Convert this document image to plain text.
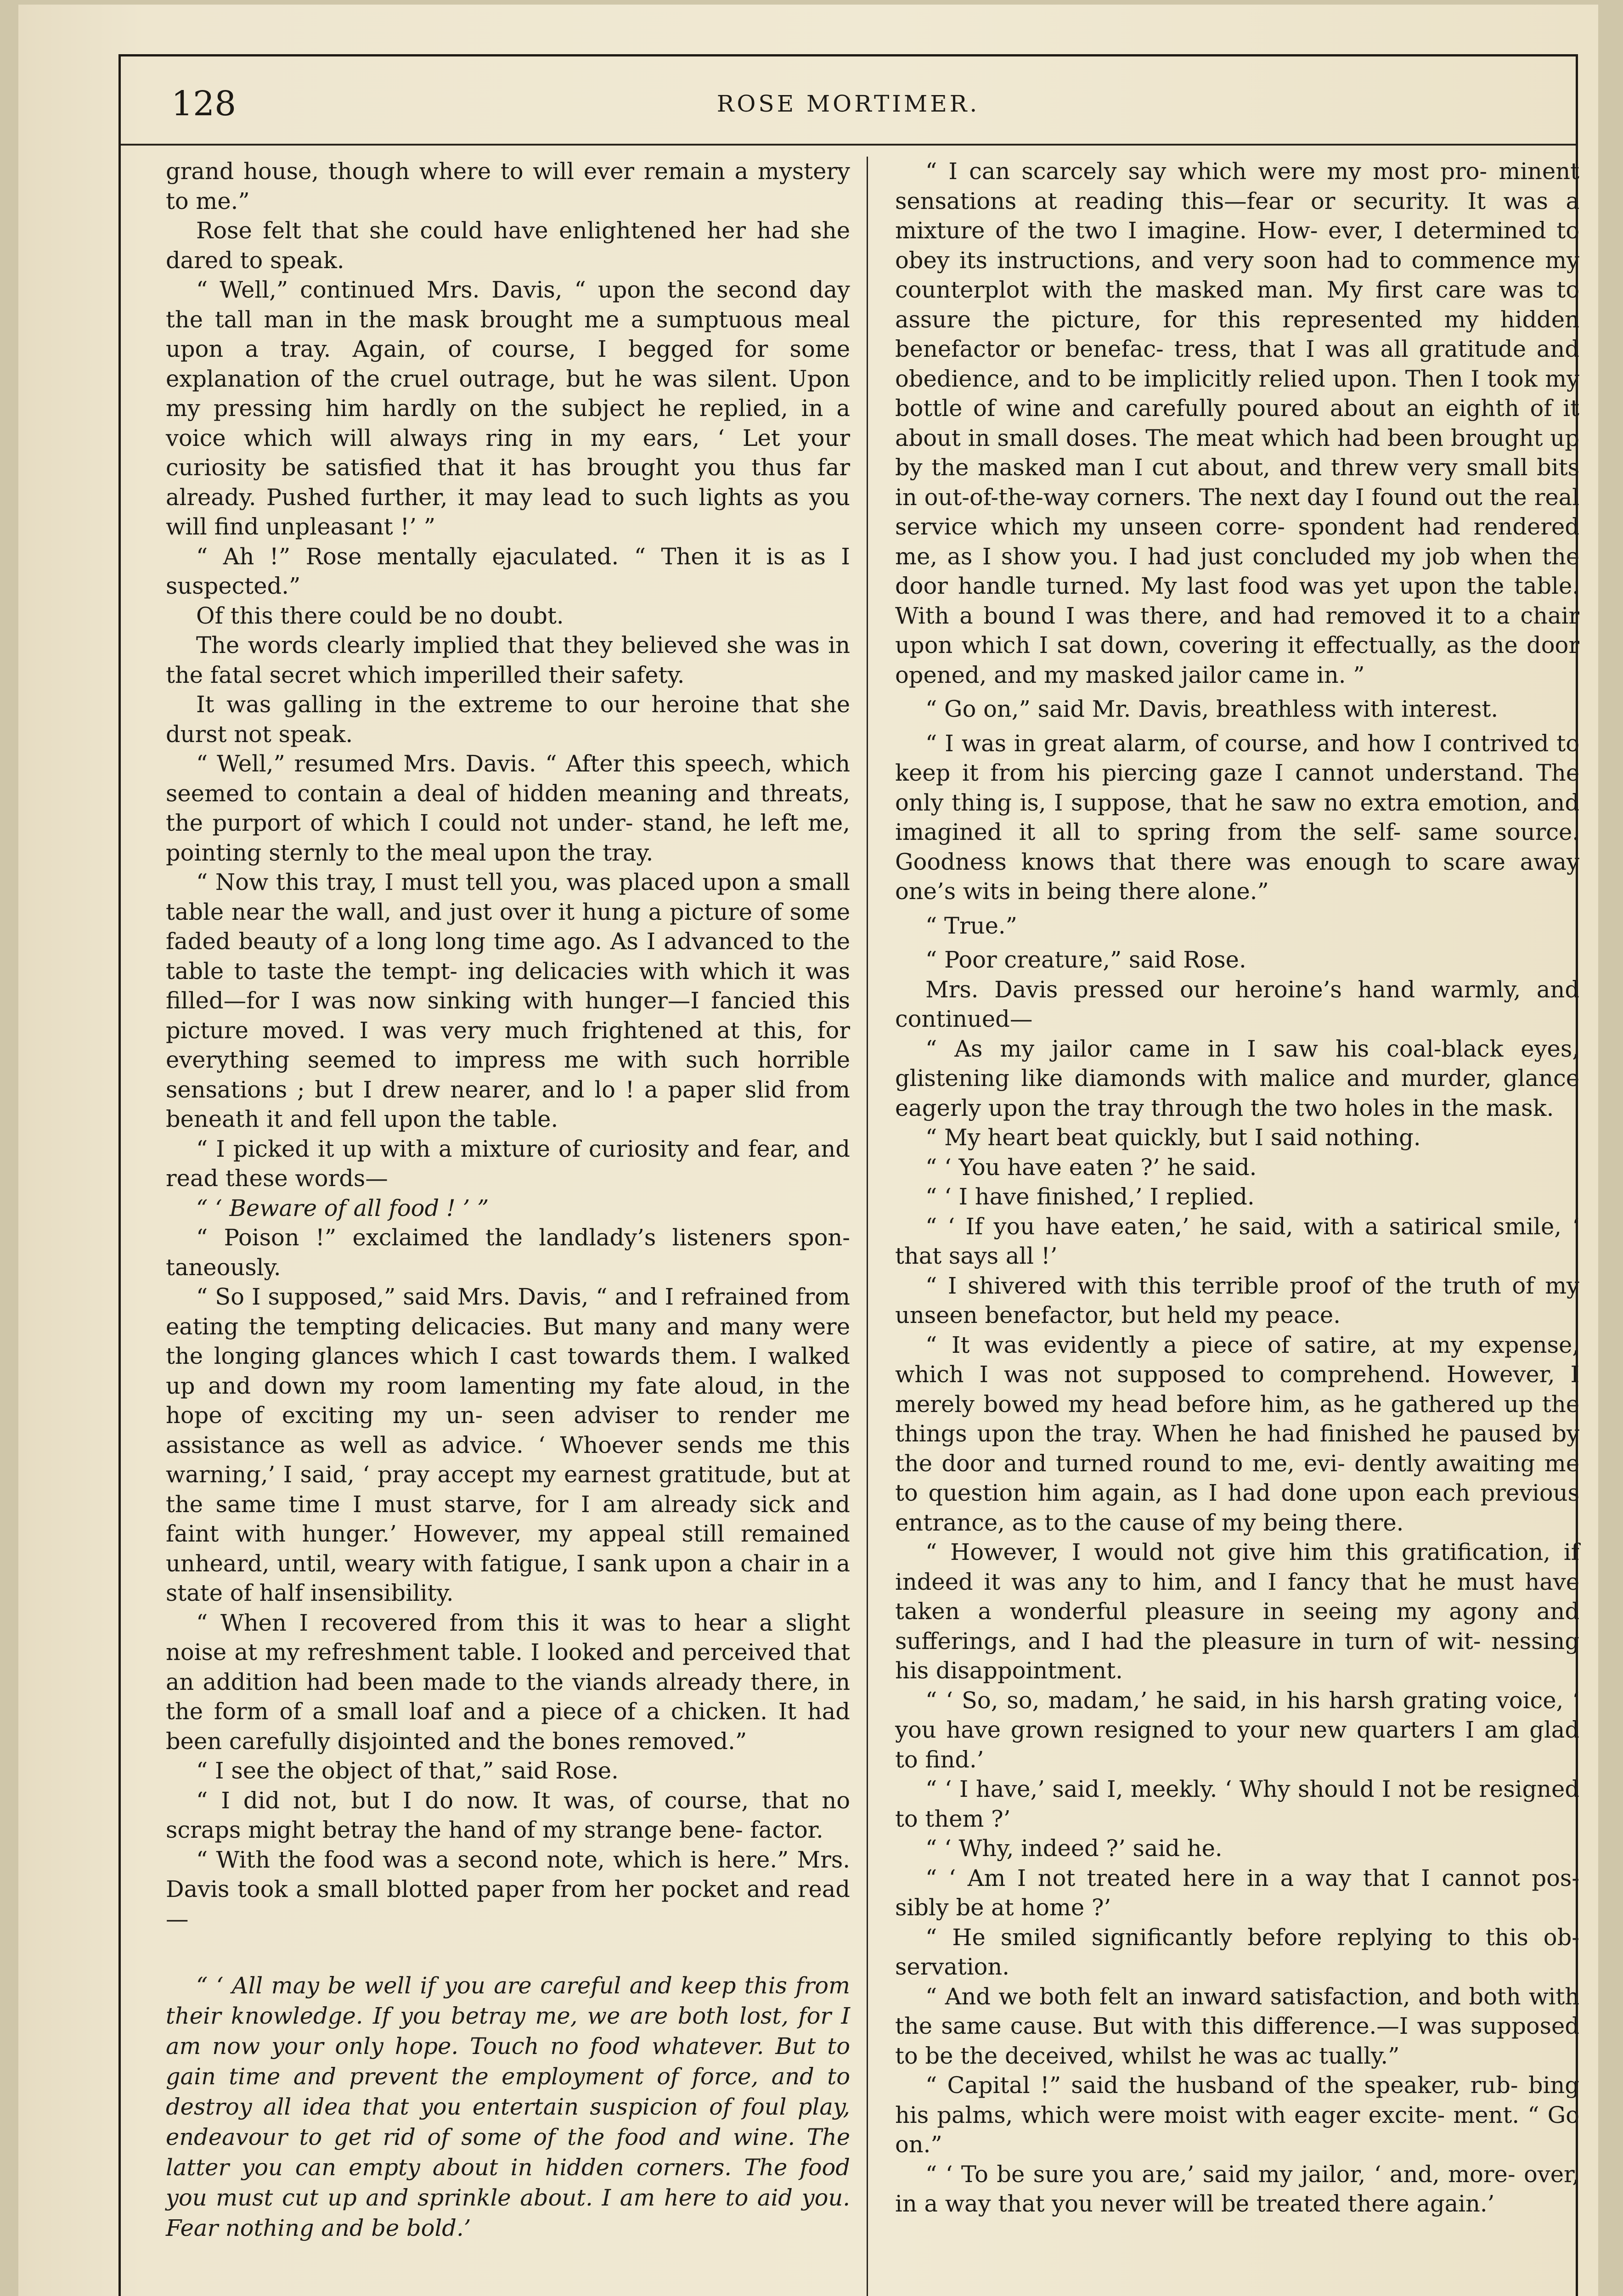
128	ROSE MORTIMER.

grand house, though where to will ever remain a mystery to me.”

Rose felt that she could have enlightened her had she dared to speak.

“ Well,” continued Mrs. Davis, “ upon the second day the tall man in the mask brought me a sumptuous meal upon a tray. Again, of course, I begged for some explanation of the cruel outrage, but he was silent. Upon my pressing him hardly on the subject he replied, in a voice which will always ring in my ears, ‘ Let your curiosity be satisfied that it has brought you thus far already. Pushed further, it may lead to such lights as you will find unpleasant !’ ”

“ Ah !” Rose mentally ejaculated. “ Then it is as I suspected.”

Of this there could be no doubt.

The words clearly implied that they believed she was in the fatal secret which imperilled their safety.

It was galling in the extreme to our heroine that she durst not speak.

“ Well,” resumed Mrs. Davis. “ After this speech, which seemed to contain a deal of hidden meaning and threats, the purport of which I could not under- stand, he left me, pointing sternly to the meal upon the tray.

“ Now this tray, I must tell you, was placed upon a small table near the wall, and just over it hung a picture of some faded beauty of a long long time ago. As I advanced to the table to taste the tempt- ing delicacies with which it was filled—for I was now sinking with hunger—I fancied this picture moved. I was very much frightened at this, for everything seemed to impress me with such horrible sensations ; but I drew nearer, and lo ! a paper slid from beneath it and fell upon the table.

“ I picked it up with a mixture of curiosity and fear, and read these words—

“ ‘ Beware of all food ! ’ ”

“ Poison !” exclaimed the landlady’s listeners spon- taneously.

“ So I supposed,” said Mrs. Davis, “ and I refrained from eating the tempting delicacies. But many and many were the longing glances which I cast towards them. I walked up and down my room lamenting my fate aloud, in the hope of exciting my un- seen adviser to render me assistance as well as advice. ‘ Whoever sends me this warning,’ I said, ‘ pray accept my earnest gratitude, but at the same time I must starve, for I am already sick and faint with hunger.’ However, my appeal still remained unheard, until, weary with fatigue, I sank upon a chair in a state of half insensibility.

“ When I recovered from this it was to hear a slight noise at my refreshment table. I looked and perceived that an addition had been made to the viands already there, in the form of a small loaf and a piece of a chicken. It had been carefully disjointed and the bones removed.”

“ I see the object of that,” said Rose.

“ I did not, but I do now. It was, of course, that no scraps might betray the hand of my strange bene- factor.

“ With the food was a second note, which is here.” Mrs. Davis took a small blotted paper from her pocket and read—

“ ‘ All may be well if you are careful and keep this from their knowledge. If you betray me, we are both lost, for I am now your only hope. Touch no food whatever. But to gain time and prevent the employment of force, and to destroy all idea that you entertain suspicion of foul play, endeavour to get rid of some of the food and wine. The latter you can empty about in hidden corners. The food you must cut up and sprinkle about. I am here to aid you. Fear nothing and be bold.’

“ I can scarcely say which were my most pro- minent sensations at reading this—fear or security. It was a mixture of the two I imagine. How- ever, I determined to obey its instructions, and very soon had to commence my counterplot with the masked man. My first care was to assure the picture, for this represented my hidden benefactor or benefac- tress, that I was all gratitude and obedience, and to be implicitly relied upon. Then I took my bottle of wine and carefully poured about an eighth of it about in small doses. The meat which had been brought up by the masked man I cut about, and threw very small bits in out-of-the-way corners. The next day I found out the real service which my unseen corre- spondent had rendered me, as I show you. I had just concluded my job when the door handle turned. My last food was yet upon the table. With a bound I was there, and had removed it to a chair upon which I sat down, covering it effectually, as the door opened, and my masked jailor came in. ”

“ Go on,” said Mr. Davis, breathless with interest.

“ I was in great alarm, of course, and how I contrived to keep it from his piercing gaze I cannot understand. The only thing is, I suppose, that he saw no extra emotion, and imagined it all to spring from the self- same source. Goodness knows that there was enough to scare away one’s wits in being there alone.”

“ True.”

“ Poor creature,” said Rose.

Mrs. Davis pressed our heroine’s hand warmly, and continued—

“ As my jailor came in I saw his coal-black eyes, glistening like diamonds with malice and murder, glance eagerly upon the tray through the two holes in the mask.

“ My heart beat quickly, but I said nothing.

“ ‘ You have eaten ?’ he said.

“ ‘ I have finished,’ I replied.

“ ‘ If you have eaten,’ he said, with a satirical smile, ‘ that says all !’

“ I shivered with this terrible proof of the truth of my unseen benefactor, but held my peace.

“ It was evidently a piece of satire, at my expense, which I was not supposed to comprehend. However, I merely bowed my head before him, as he gathered up the things upon the tray. When he had finished he paused by the door and turned round to me, evi- dently awaiting me to question him again, as I had done upon each previous entrance, as to the cause of my being there.

“ However, I would not give him this gratification, if indeed it was any to him, and I fancy that he must have taken a wonderful pleasure in seeing my agony and sufferings, and I had the pleasure in turn of wit- nessing his disappointment.

“ ‘ So, so, madam,’ he said, in his harsh grating voice, ‘ you have grown resigned to your new quarters I am glad to find.’

“ ‘ I have,’ said I, meekly. ‘ Why should I not be resigned to them ?’

“ ‘ Why, indeed ?’ said he.

“ ‘ Am I not treated here in a way that I cannot pos- sibly be at home ?’

“ He smiled significantly before replying to this ob- servation.

“ And we both felt an inward satisfaction, and both with the same cause. But with this difference.—I was supposed to be the deceived, whilst he was ac tually.”

“ Capital !” said the husband of the speaker, rub- bing his palms, which were moist with eager excite- ment. “ Go on.”

“ ‘ To be sure you are,’ said my jailor, ‘ and, more- over, in a way that you never will be treated there again.’
